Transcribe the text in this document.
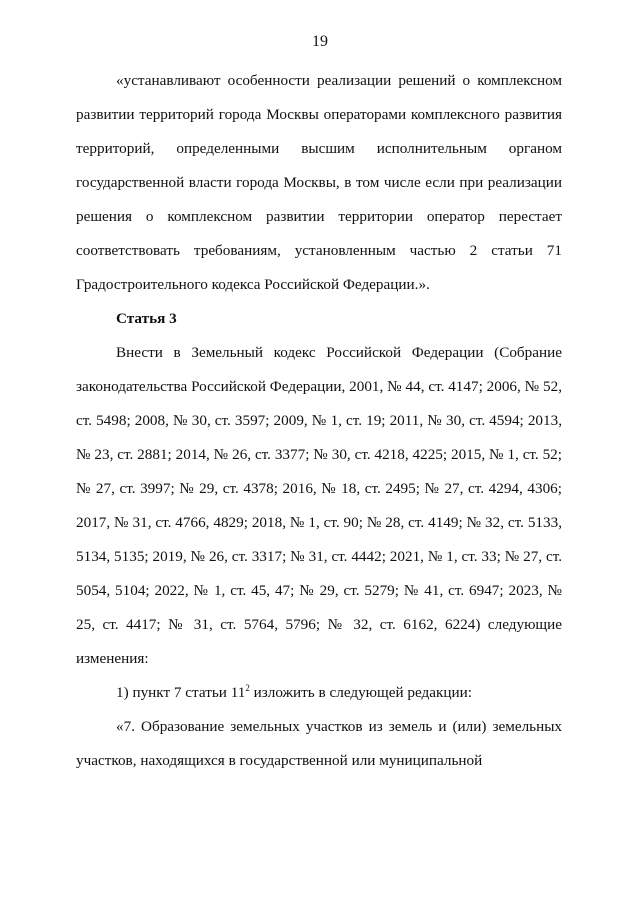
19

«устанавливают особенности реализации решений о комплексном развитии территорий города Москвы операторами комплексного развития территорий, определенными высшим исполнительным органом государственной власти города Москвы, в том числе если при реализации решения о комплексном развитии территории оператор перестает соответствовать требованиям, установленным частью 2 статьи 71 Градостроительного кодекса Российской Федерации.».

Статья 3

Внести в Земельный кодекс Российской Федерации (Собрание законодательства Российской Федерации, 2001, № 44, ст. 4147; 2006, № 52, ст. 5498; 2008, № 30, ст. 3597; 2009, № 1, ст. 19; 2011, № 30, ст. 4594; 2013, № 23, ст. 2881; 2014, № 26, ст. 3377; № 30, ст. 4218, 4225; 2015, № 1, ст. 52; № 27, ст. 3997; № 29, ст. 4378; 2016, № 18, ст. 2495; № 27, ст. 4294, 4306; 2017, № 31, ст. 4766, 4829; 2018, № 1, ст. 90; № 28, ст. 4149; № 32, ст. 5133, 5134, 5135; 2019, № 26, ст. 3317; № 31, ст. 4442; 2021, № 1, ст. 33; № 27, ст. 5054, 5104; 2022, № 1, ст. 45, 47; № 29, ст. 5279; № 41, ст. 6947; 2023, № 25, ст. 4417; № 31, ст. 5764, 5796; № 32, ст. 6162, 6224) следующие изменения:

1) пункт 7 статьи $11^2$ изложить в следующей редакции:

«7. Образование земельных участков из земель и (или) земельных участков, находящихся в государственной или муниципальной
